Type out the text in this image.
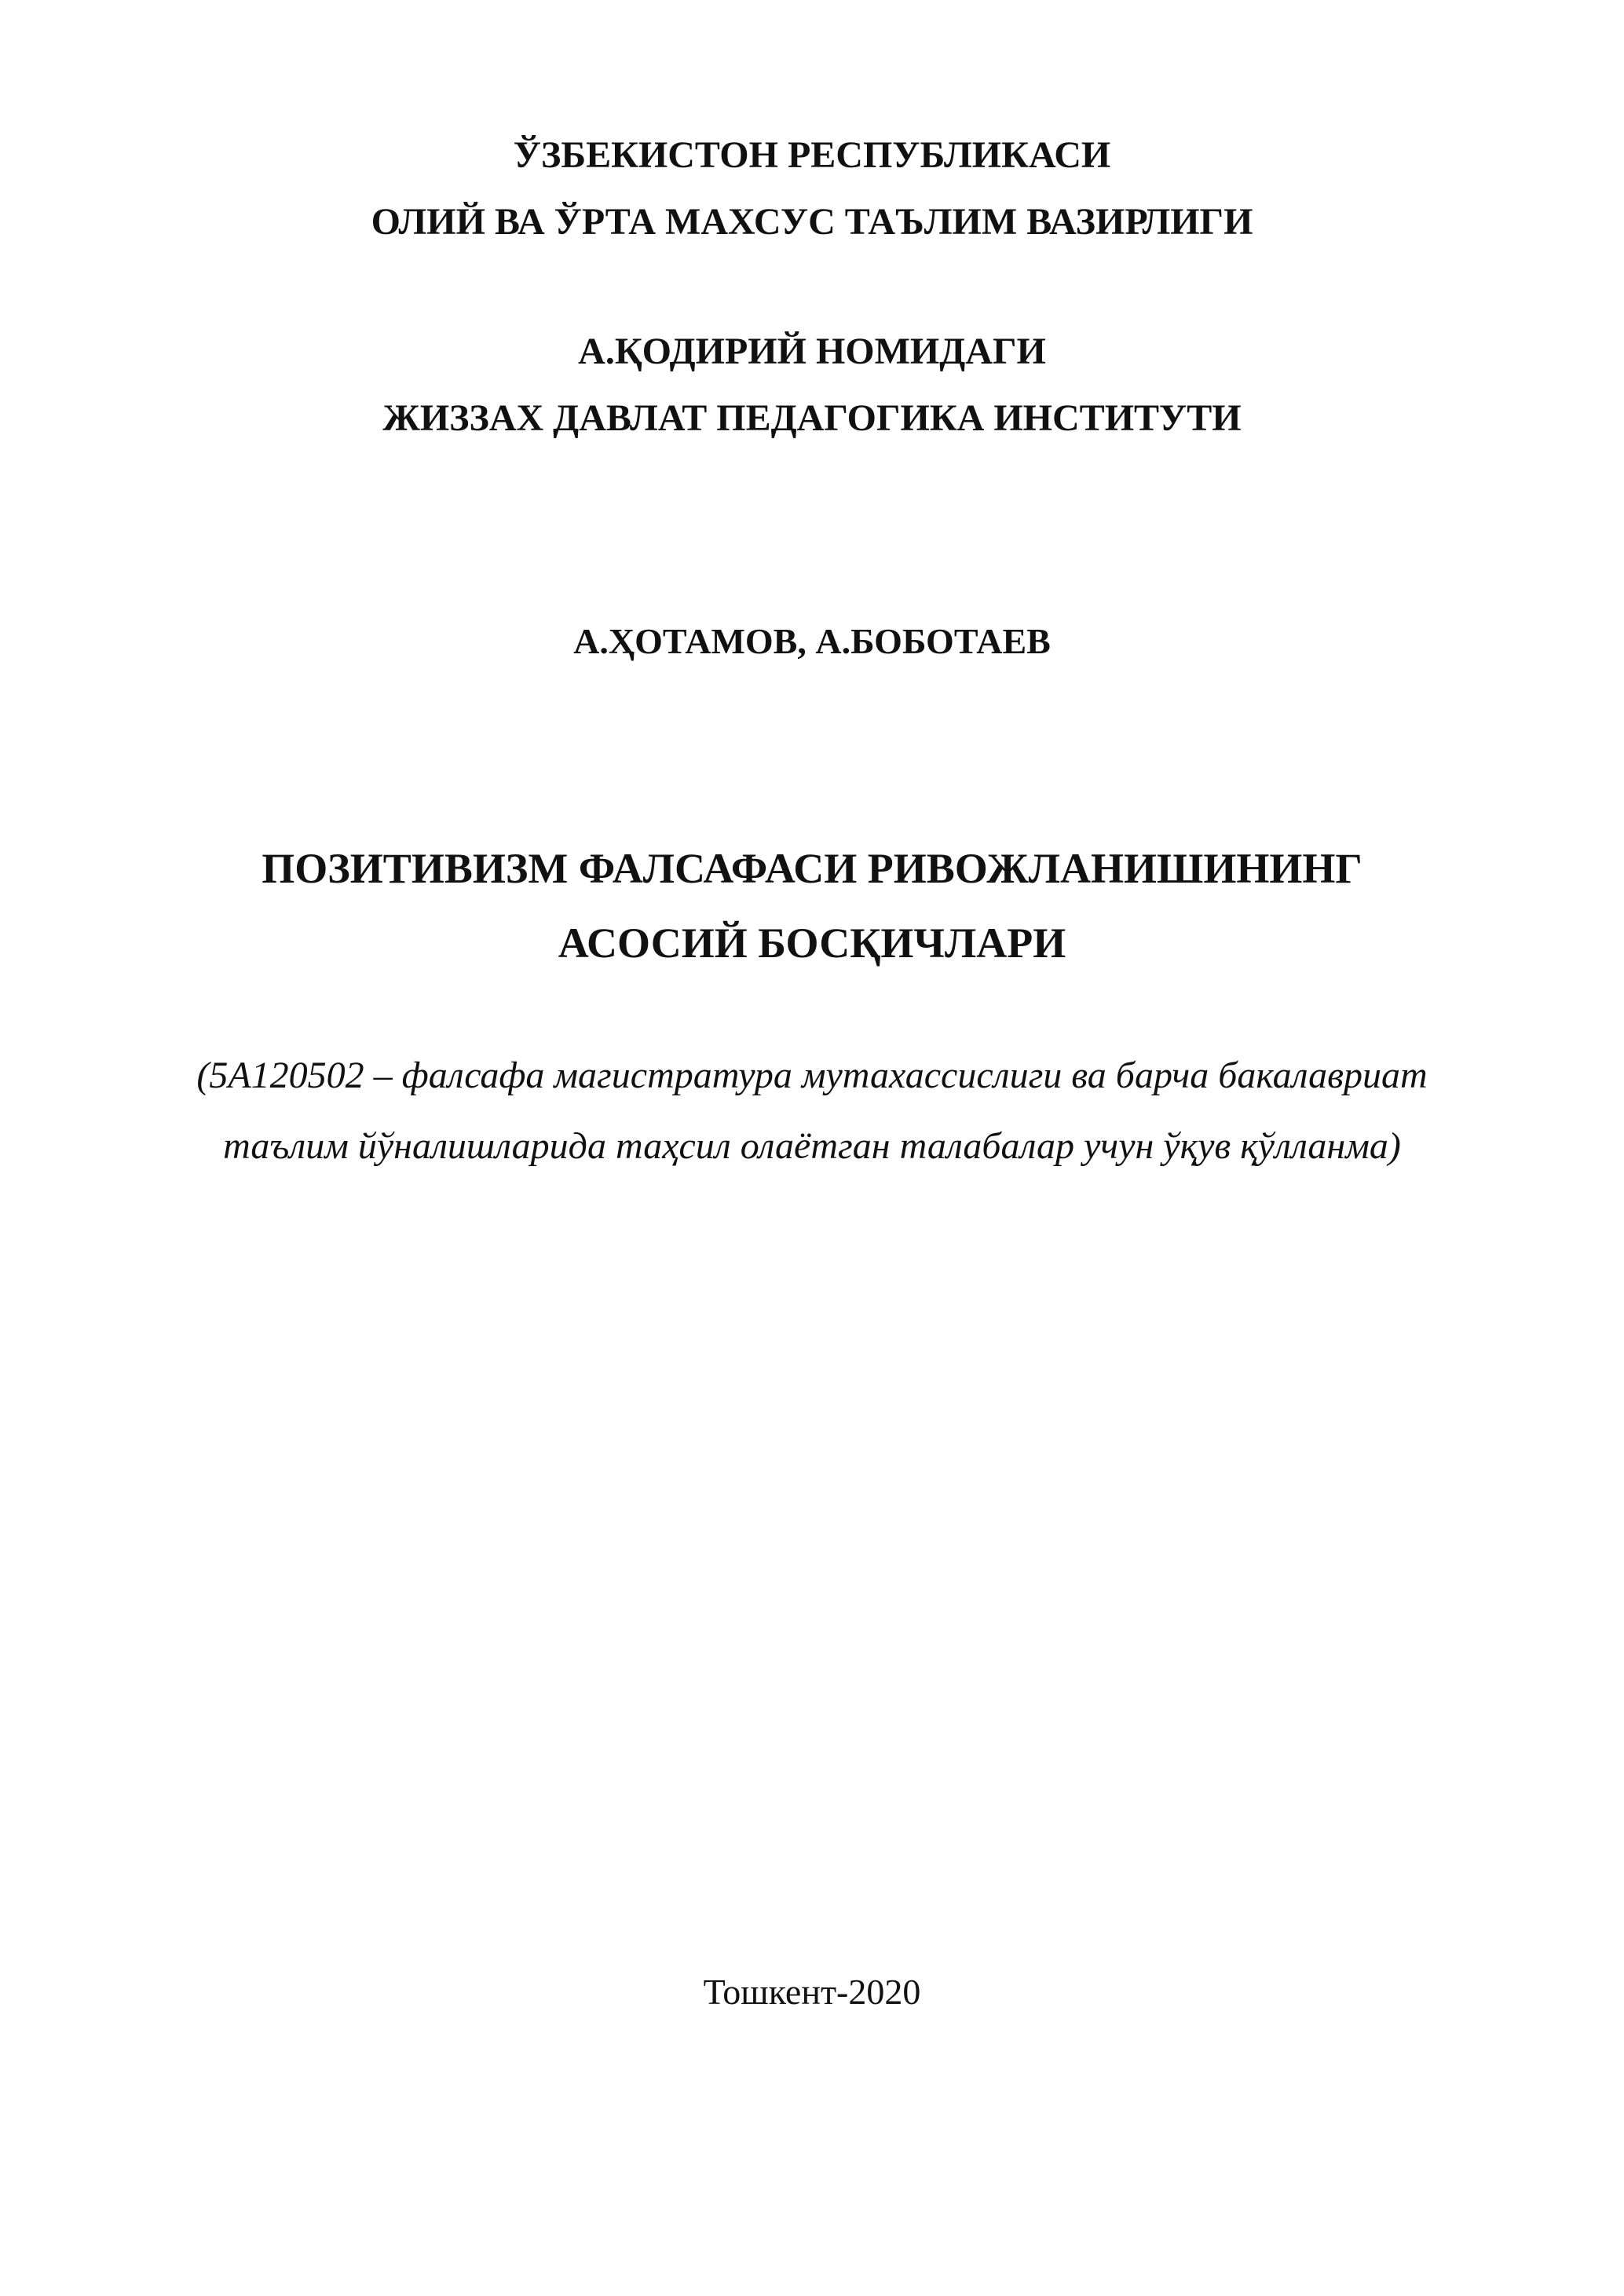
ЎЗБЕКИСТОН РЕСПУБЛИКАСИ
ОЛИЙ ВА ЎРТА МАХСУС ТАЪЛИМ ВАЗИРЛИГИ
А.ҚОДИРИЙ НОМИДАГИ
ЖИЗЗАХ ДАВЛАТ ПЕДАГОГИКА ИНСТИТУТИ
А.ҲОТАМОВ, А.БОБОТАЕВ
ПОЗИТИВИЗМ ФАЛСАФАСИ РИВОЖЛАНИШИНИНГ
АСОСИЙ БОСҚИЧЛАРИ
(5А120502 – фалсафа магистратура мутахассислиги ва барча бакалавриат
таълим йўналишларида таҳсил олаётган талабалар учун ўқув қўлланма)
Тошкент-2020
